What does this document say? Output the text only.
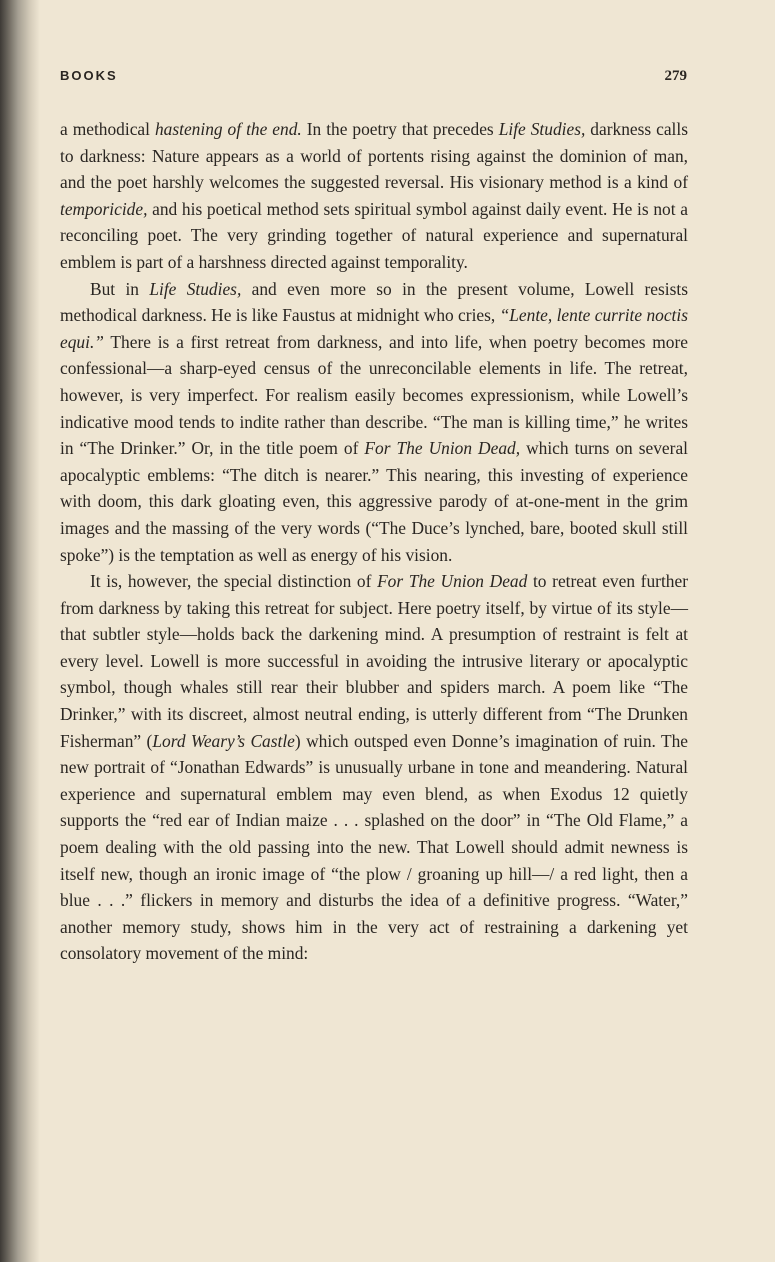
BOOKS	279

a methodical hastening of the end. In the poetry that precedes Life Studies, darkness calls to darkness: Nature appears as a world of portents rising against the dominion of man, and the poet harshly welcomes the suggested reversal. His visionary method is a kind of temporicide, and his poetical method sets spiritual symbol against daily event. He is not a reconciling poet. The very grinding together of natural experience and supernatural emblem is part of a harshness directed against temporality.

But in Life Studies, and even more so in the present volume, Lowell resists methodical darkness. He is like Faustus at midnight who cries, “Lente, lente currite noctis equi.” There is a first retreat from darkness, and into life, when poetry becomes more confessional—a sharp-eyed census of the unreconcilable elements in life. The retreat, however, is very imperfect. For realism easily becomes expressionism, while Lowell’s indicative mood tends to indite rather than describe. “The man is killing time,” he writes in “The Drinker.” Or, in the title poem of For The Union Dead, which turns on several apocalyptic emblems: “The ditch is nearer.” This nearing, this investing of experience with doom, this dark gloating even, this aggressive parody of at-one-ment in the grim images and the massing of the very words (“The Duce’s lynched, bare, booted skull still spoke”) is the temptation as well as energy of his vision.

It is, however, the special distinction of For The Union Dead to retreat even further from darkness by taking this retreat for subject. Here poetry itself, by virtue of its style—that subtler style—holds back the darkening mind. A presumption of restraint is felt at every level. Lowell is more successful in avoiding the intrusive literary or apocalyptic symbol, though whales still rear their blubber and spiders march. A poem like “The Drinker,” with its discreet, almost neutral ending, is utterly different from “The Drunken Fisherman” (Lord Weary’s Castle) which outsped even Donne’s imagination of ruin. The new portrait of “Jonathan Edwards” is unusually urbane in tone and meandering. Natural experience and supernatural emblem may even blend, as when Exodus 12 quietly supports the “red ear of Indian maize . . . splashed on the door” in “The Old Flame,” a poem dealing with the old passing into the new. That Lowell should admit newness is itself new, though an ironic image of “the plow / groaning up hill—/ a red light, then a blue . . .” flickers in memory and disturbs the idea of a definitive progress. “Water,” another memory study, shows him in the very act of restraining a darkening yet consolatory movement of the mind:
